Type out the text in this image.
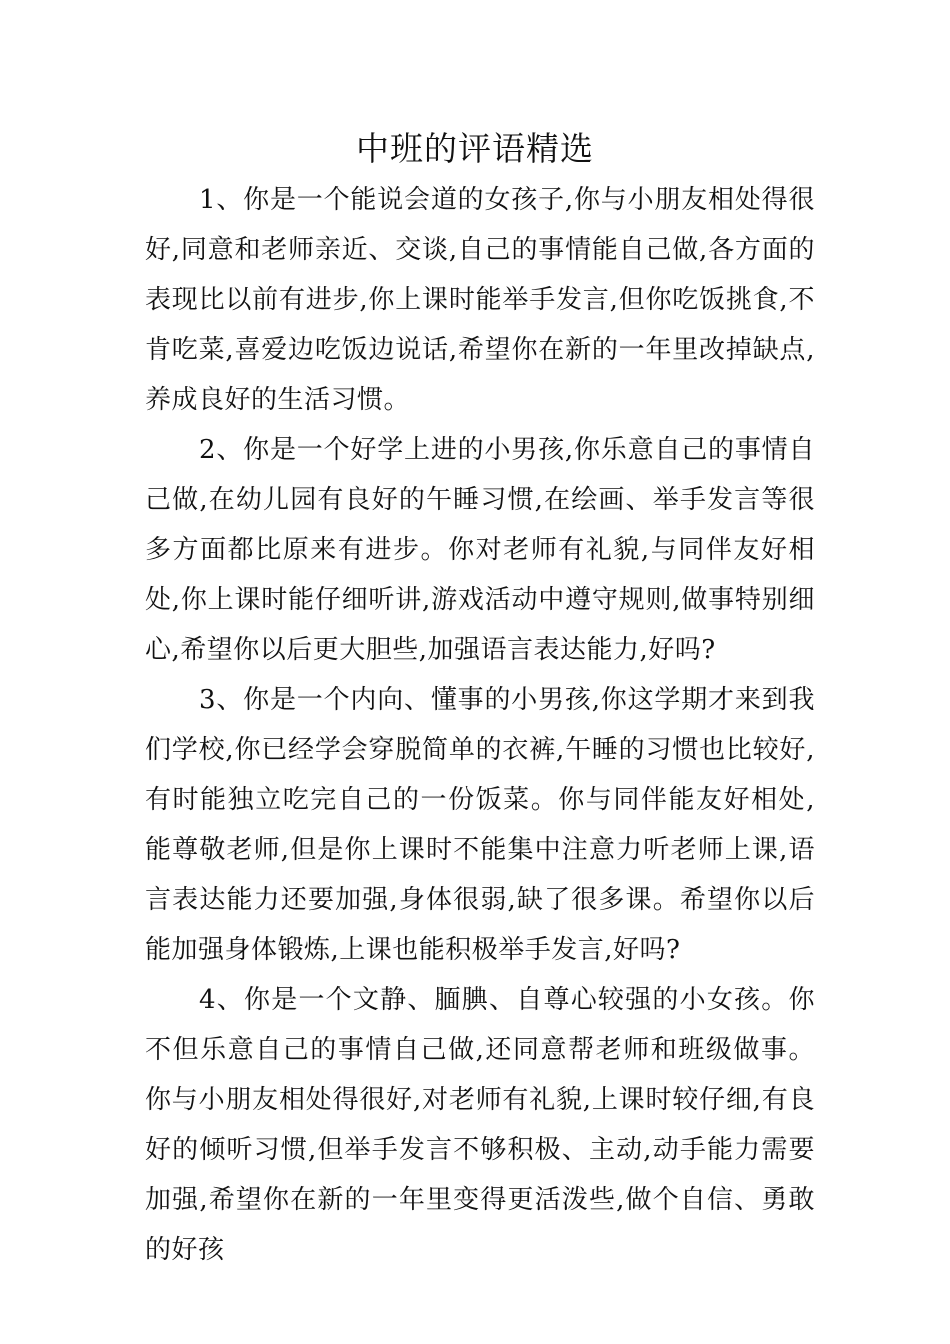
中班的评语精选

1、你是一个能说会道的女孩子,你与小朋友相处得很好,同意和老师亲近、交谈,自己的事情能自己做,各方面的表现比以前有进步,你上课时能举手发言,但你吃饭挑食,不肯吃菜,喜爱边吃饭边说话,希望你在新的一年里改掉缺点,养成良好的生活习惯。

2、你是一个好学上进的小男孩,你乐意自己的事情自己做,在幼儿园有良好的午睡习惯,在绘画、举手发言等很多方面都比原来有进步。你对老师有礼貌,与同伴友好相处,你上课时能仔细听讲,游戏活动中遵守规则,做事特别细心,希望你以后更大胆些,加强语言表达能力,好吗?

3、你是一个内向、懂事的小男孩,你这学期才来到我们学校,你已经学会穿脱简单的衣裤,午睡的习惯也比较好,有时能独立吃完自己的一份饭菜。你与同伴能友好相处,能尊敬老师,但是你上课时不能集中注意力听老师上课,语言表达能力还要加强,身体很弱,缺了很多课。希望你以后能加强身体锻炼,上课也能积极举手发言,好吗?

4、你是一个文静、腼腆、自尊心较强的小女孩。你不但乐意自己的事情自己做,还同意帮老师和班级做事。你与小朋友相处得很好,对老师有礼貌,上课时较仔细,有良好的倾听习惯,但举手发言不够积极、主动,动手能力需要加强,希望你在新的一年里变得更活泼些,做个自信、勇敢的好孩
